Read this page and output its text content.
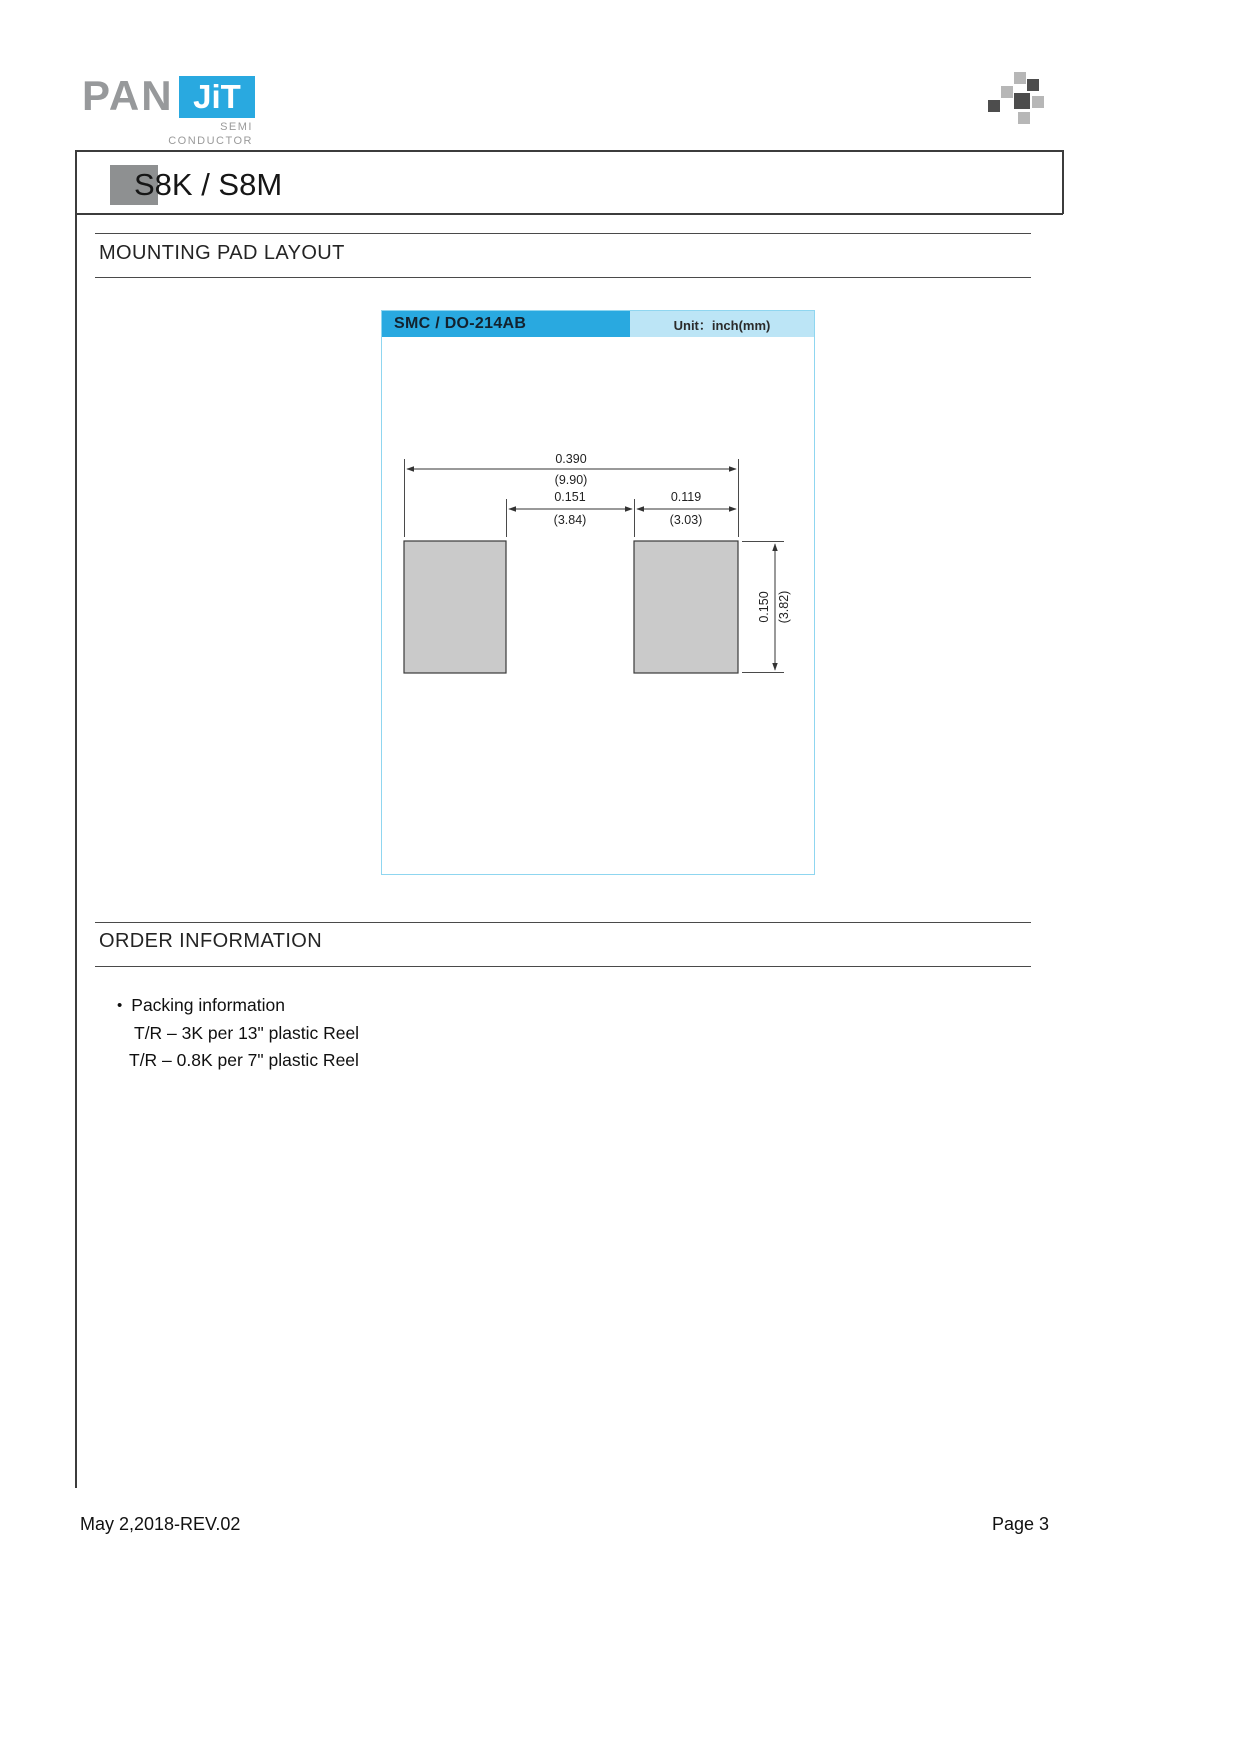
PAN JiT
SEMI
CONDUCTOR
S8K / S8M
MOUNTING PAD LAYOUT
SMC / DO-214AB	Unit：inch(mm)
0.390
(9.90)
0.151
(3.84)
0.119
(3.03)
0.150 (3.82)
ORDER INFORMATION
• Packing information
T/R – 3K per 13" plastic Reel
T/R – 0.8K per 7" plastic Reel
May 2,2018-REV.02	Page 3
